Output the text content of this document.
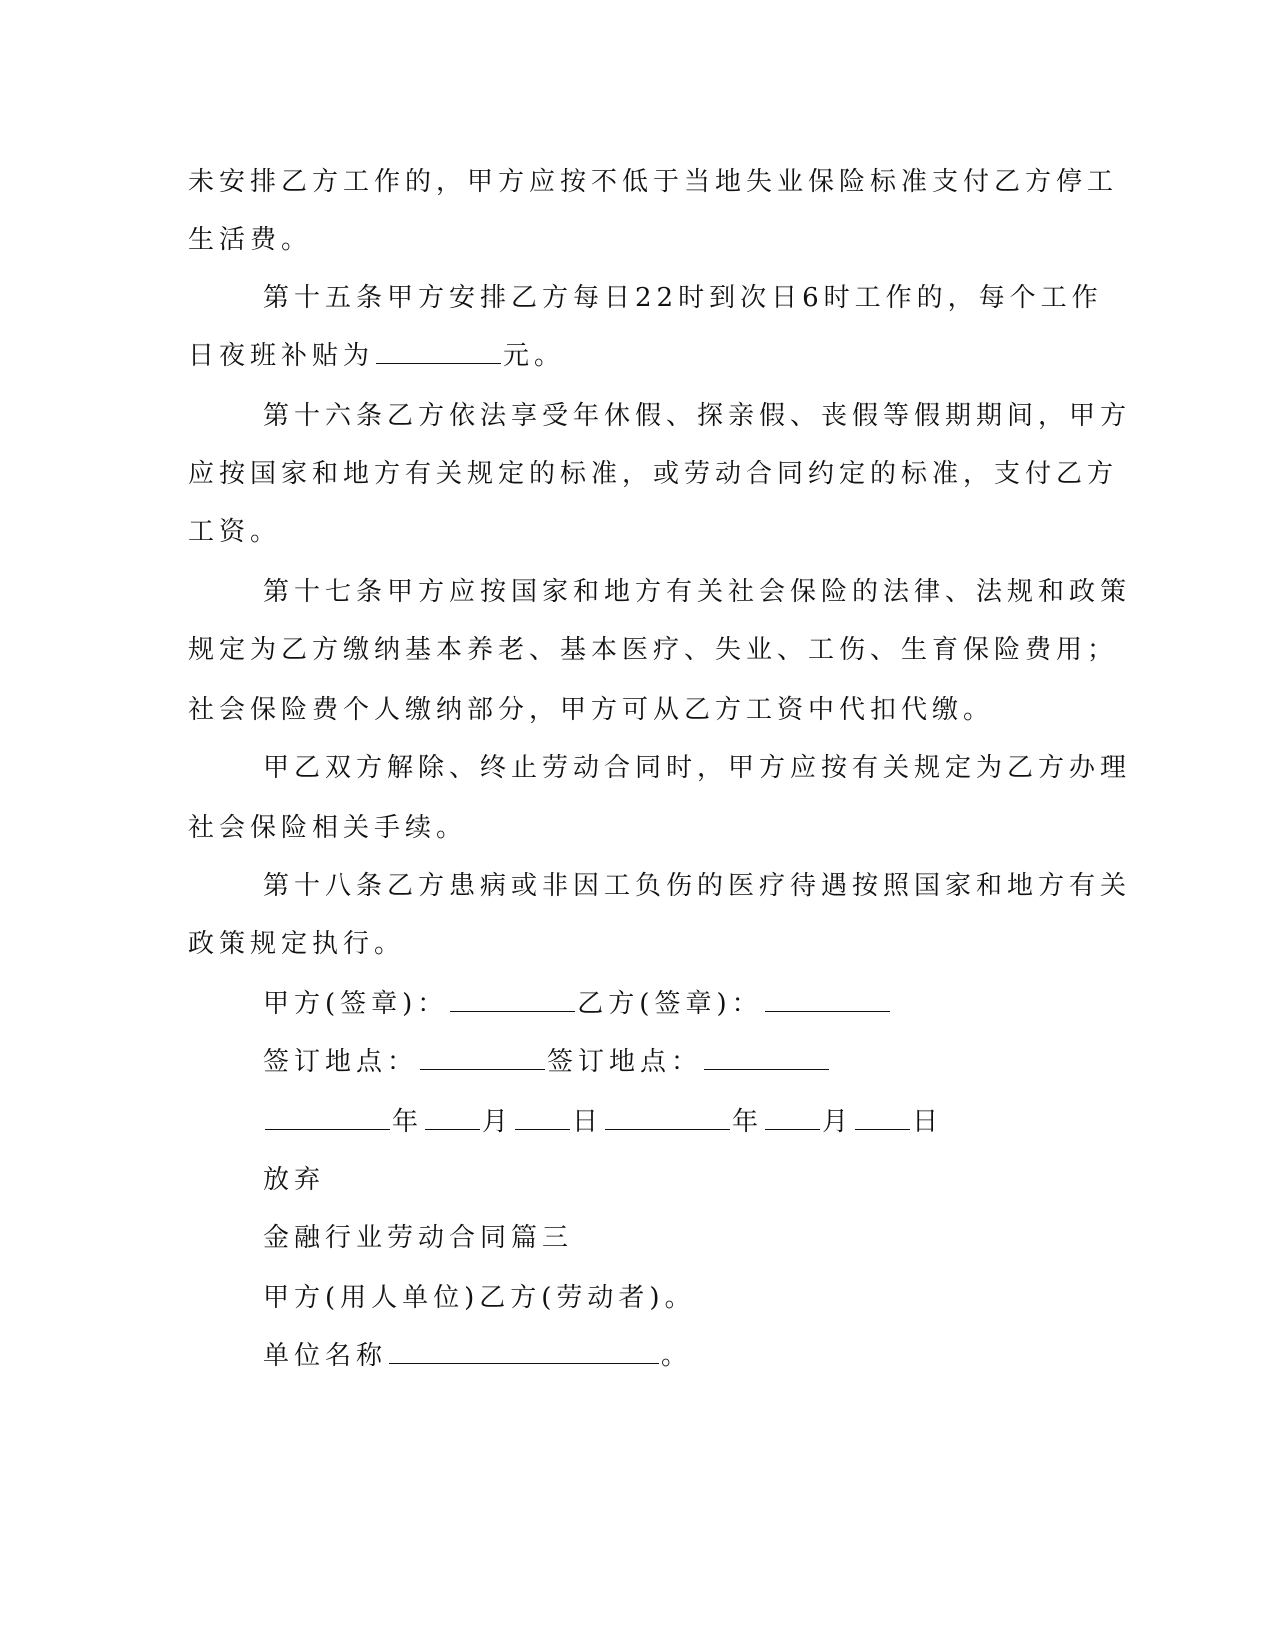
未安排乙方工作的，甲方应按不低于当地失业保险标准支付乙方停工
生活费。
第十五条甲方安排乙方每日22时到次日6时工作的，每个工作
日夜班补贴为	元。
第十六条乙方依法享受年休假、探亲假、丧假等假期期间，甲方
应按国家和地方有关规定的标准，或劳动合同约定的标准，支付乙方
工资。
第十七条甲方应按国家和地方有关社会保险的法律、法规和政策
规定为乙方缴纳基本养老、基本医疗、失业、工伤、生育保险费用；
社会保险费个人缴纳部分，甲方可从乙方工资中代扣代缴。
甲乙双方解除、终止劳动合同时，甲方应按有关规定为乙方办理
社会保险相关手续。
第十八条乙方患病或非因工负伤的医疗待遇按照国家和地方有关
政策规定执行。
甲方(签章)：	乙方(签章)：
签订地点：	签订地点：
年 月 日	年 月 日
放弃
金融行业劳动合同篇三
甲方(用人单位)乙方(劳动者)。
单位名称	。
